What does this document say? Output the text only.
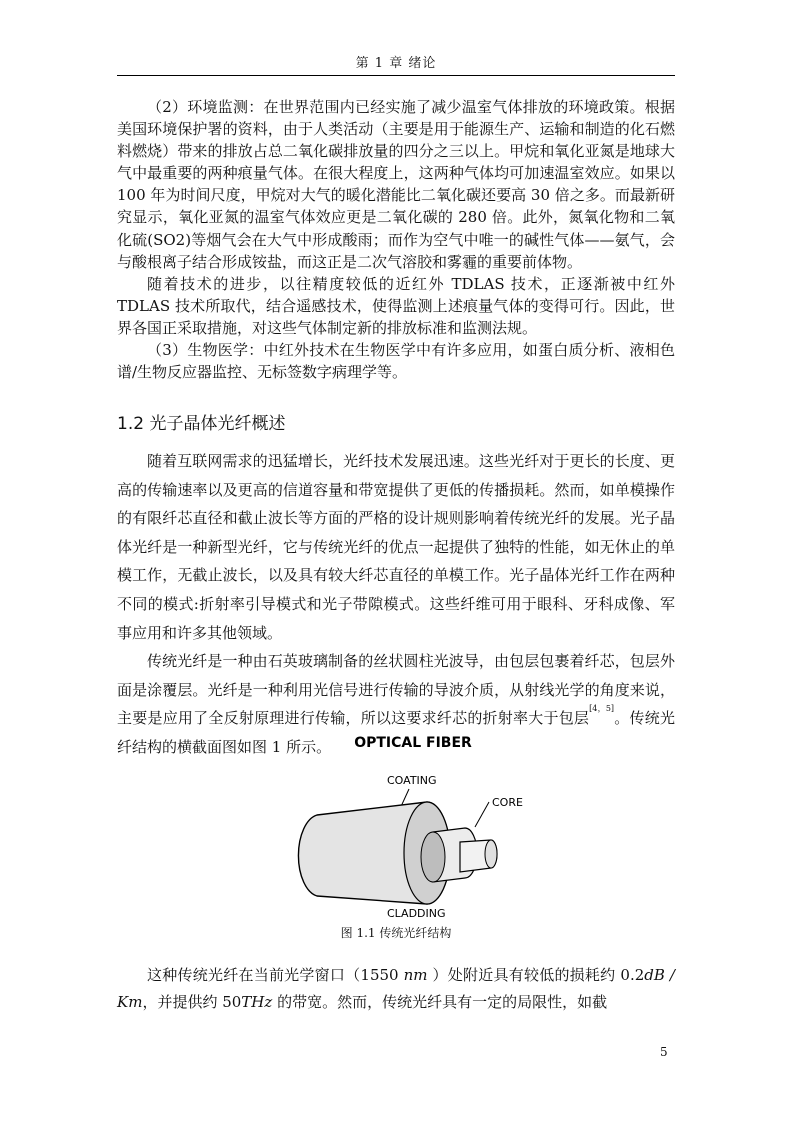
第 1 章 绪论

（2）环境监测：在世界范围内已经实施了减少温室气体排放的环境政策。根据美国环境保护署的资料，由于人类活动（主要是用于能源生产、运输和制造的化石燃料燃烧）带来的排放占总二氧化碳排放量的四分之三以上。甲烷和氧化亚氮是地球大气中最重要的两种痕量气体。在很大程度上，这两种气体均可加速温室效应。如果以 100 年为时间尺度，甲烷对大气的暖化潜能比二氧化碳还要高 30 倍之多。而最新研究显示，氧化亚氮的温室气体效应更是二氧化碳的 280 倍。此外，氮氧化物和二氧化硫(SO2)等烟气会在大气中形成酸雨；而作为空气中唯一的碱性气体——氨气，会与酸根离子结合形成铵盐，而这正是二次气溶胶和雾霾的重要前体物。

随着技术的进步，以往精度较低的近红外 TDLAS 技术，正逐渐被中红外 TDLAS 技术所取代，结合遥感技术，使得监测上述痕量气体的变得可行。因此，世界各国正采取措施，对这些气体制定新的排放标准和监测法规。

（3）生物医学：中红外技术在生物医学中有许多应用，如蛋白质分析、液相色谱/生物反应器监控、无标签数字病理学等。

1.2 光子晶体光纤概述

随着互联网需求的迅猛增长，光纤技术发展迅速。这些光纤对于更长的长度、更高的传输速率以及更高的信道容量和带宽提供了更低的传播损耗。然而，如单模操作的有限纤芯直径和截止波长等方面的严格的设计规则影响着传统光纤的发展。光子晶体光纤是一种新型光纤，它与传统光纤的优点一起提供了独特的性能，如无休止的单模工作，无截止波长，以及具有较大纤芯直径的单模工作。光子晶体光纤工作在两种不同的模式:折射率引导模式和光子带隙模式。这些纤维可用于眼科、牙科成像、军事应用和许多其他领域。

传统光纤是一种由石英玻璃制备的丝状圆柱光波导，由包层包裹着纤芯，包层外面是涂覆层。光纤是一种利用光信号进行传输的导波介质，从射线光学的角度来说，主要是应用了全反射原理进行传输，所以这要求纤芯的折射率大于包层[4，5]。传统光纤结构的横截面图如图 1 所示。	OPTICAL FIBER
COATING
CORE
CLADDING
图 1.1 传统光纤结构

这种传统光纤在当前光学窗口（1550 nm ）处附近具有较低的损耗约 0.2dB / Km，并提供约 50THz 的带宽。然而，传统光纤具有一定的局限性，如截

5
